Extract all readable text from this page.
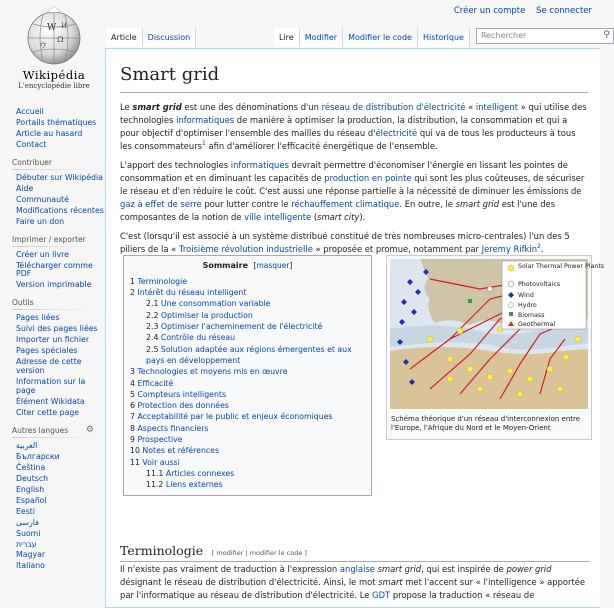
Créer un compte Se connecter
W
Ω
ウ
И
Wikipédia
L'encyclopédie libre
Accueil
Portails thématiques
Article au hasard
Contact
Contribuer
Débuter sur Wikipédia
Aide
Communauté
Modifications récentes
Faire un don
Imprimer / exporter
Créer un livre
Télécharger comme PDF
Version imprimable
Outils
Pages liées
Suivi des pages liées
Importer un fichier
Pages spéciales
Adresse de cette version
Information sur la page
Élément Wikidata
Citer cette page
Autres langues ⚙
العربية
Български
Čeština
Deutsch
English
Español
Eesti
فارسی
Suomi
עברית
Magyar
Italiano
Article	Discussion	Lire	Modifier	Modifier le code	Historique	Rechercher	⚲
Smart grid

Le smart grid est une des dénominations d'un réseau de distribution d'électricité « intelligent » qui utilise des technologies informatiques de manière à optimiser la production, la distribution, la consommation et qui a pour objectif d'optimiser l'ensemble des mailles du réseau d'électricité qui va de tous les producteurs à tous les consommateurs$^1$ afin d'améliorer l'efficacité énergétique de l'ensemble.

L'apport des technologies informatiques devrait permettre d'économiser l'énergie en lissant les pointes de consommation et en diminuant les capacités de production en pointe qui sont les plus coûteuses, de sécuriser le réseau et d'en réduire le coût. C'est aussi une réponse partielle à la nécessité de diminuer les émissions de gaz à effet de serre pour lutter contre le réchauffement climatique. En outre, le smart grid est l'une des composantes de la notion de ville intelligente (smart city).

C'est (lorsqu'il est associé à un système distribué constitué de très nombreuses micro-centrales) l'un des 5 piliers de la « Troisième révolution industrielle » proposée et promue, notamment par Jeremy Rifkin$^2$.

Sommaire [masquer]
1 Terminologie
2 Intérêt du réseau intelligent
2.1 Une consommation variable
2.2 Optimiser la production
2.3 Optimiser l'acheminement de l'électricité
2.4 Contrôle du réseau
2.5 Solution adaptée aux régions émergentes et aux pays en développement
3 Technologies et moyens mis en œuvre
4 Efficacité
5 Compteurs intelligents
6 Protection des données
7 Acceptabilité par le public et enjeux économiques
8 Aspects financiers
9 Prospective
10 Notes et références
11 Voir aussi
11.1 Articles connexes
11.2 Liens externes
Solar Thermal Power Plants
Photovoltaics
Wind
Hydro
Biomass
Geothermal
Schéma théorique d'un réseau d'interconnexion entre l'Europe, l'Afrique du Nord et le Moyen-Orient
Terminologie [ modifier | modifier le code ]
Il n'existe pas vraiment de traduction à l'expression anglaise smart grid, qui est inspirée de power grid désignant le réseau de distribution d'électricité. Ainsi, le mot smart met l'accent sur « l'intelligence » apportée par l'informatique au réseau de distribution d'électricité. Le GDT propose la traduction « réseau de
